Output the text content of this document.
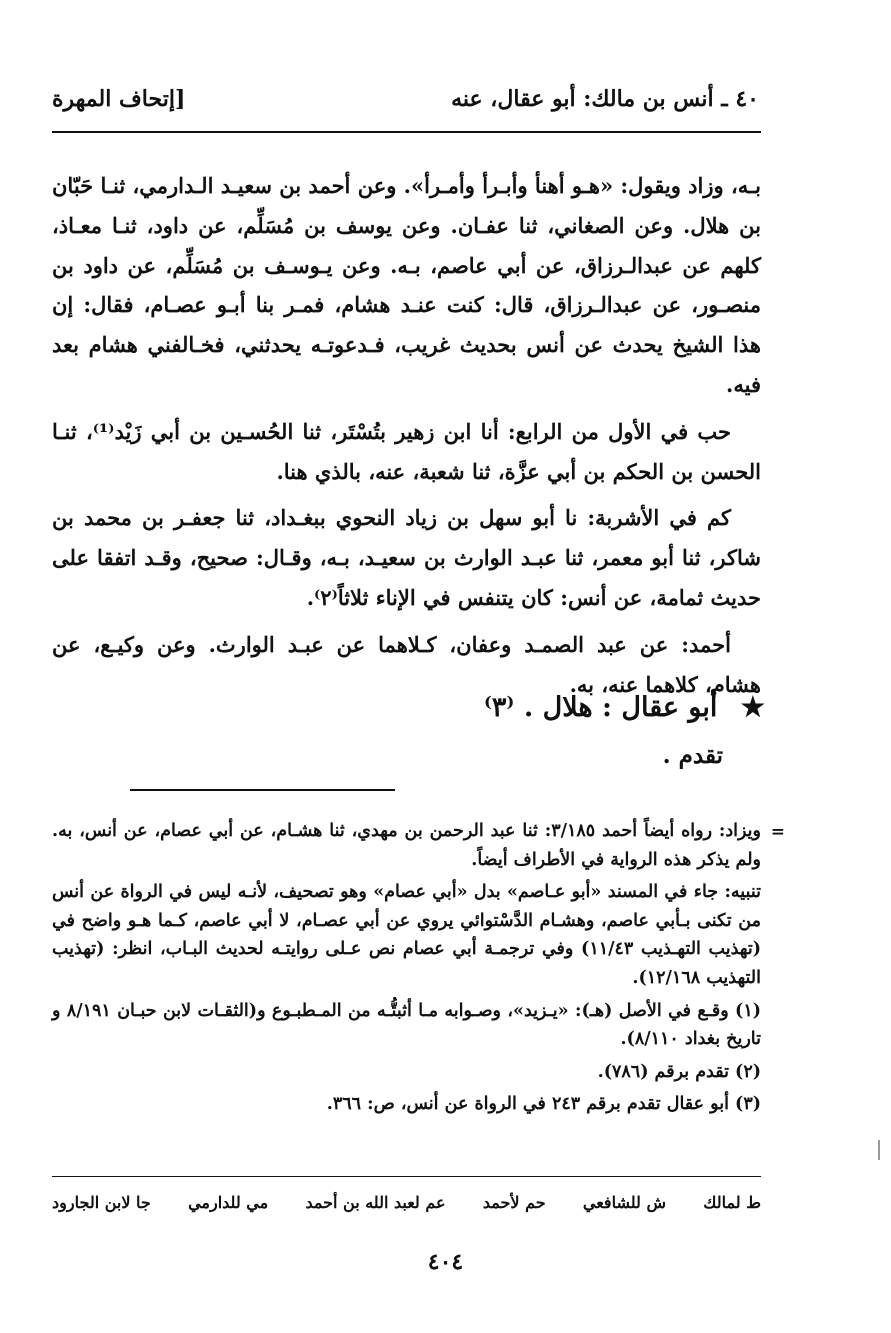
٤٠ ـ أنس بن مالك: أبو عقال، عنه
[إتحاف المهرة

بـه، وزاد ويقول: «هـو أهنأ وأبـرأ وأمـرأ». وعن أحمد بن سعيـد الـدارمي، ثنـا حَبّان بن هلال. وعن الصغاني، ثنا عفـان. وعن يوسف بن مُسَلِّم، عن داود، ثنـا معـاذ، كلهم عن عبدالـرزاق، عن أبي عاصم، بـه. وعن يـوسـف بن مُسَلِّم، عن داود بن منصـور، عن عبدالـرزاق، قال: كنت عنـد هشام، فمـر بنا أبـو عصـام، فقال: إن هذا الشيخ يحدث عن أنس بحديث غريب، فـدعوتـه يحدثني، فخـالفني هشام بعد فيه.

حب في الأول من الرابع: أنا ابن زهير بتُسْتَر، ثنا الحُسـين بن أبي زَيْد⁽¹⁾، ثنـا الحسن بن الحكم بن أبي عزَّة، ثنا شعبة، عنه، بالذي هنا.

كم في الأشربة: نا أبو سهل بن زياد النحوي ببغـداد، ثنا جعفـر بن محمد بن شاكر، ثنا أبو معمر، ثنا عبـد الوارث بن سعيـد، بـه، وقـال: صحيح، وقـد اتفقا على حديث ثمامة، عن أنس: كان يتنفس في الإناء ثلاثاً⁽٢⁾.

أحمد: عن عبد الصمـد وعفان، كـلاهما عن عبـد الوارث. وعن وكيـع، عن هشام، كلاهما عنه، به.

★ أبو عقال : هلال . ⁽٣⁾
تقدم .
=

ويزاد: رواه أيضاً أحمد ٣/١٨٥: ثنا عبد الرحمن بن مهدي، ثنا هشـام، عن أبي عصام، عن أنس، به. ولم يذكر هذه الرواية في الأطراف أيضاً.

تنبيه: جاء في المسند «أبو عـاصم» بدل «أبي عصام» وهو تصحيف، لأنـه ليس في الرواة عن أنس من تكنى بـأبي عاصم، وهشـام الدَّسْتوائي يروي عن أبي عصـام، لا أبي عاصم، كـما هـو واضح في (تهذيب التهـذيب ١١/٤٣) وفي ترجمـة أبي عصام نص عـلى روايتـه لحديث البـاب، انظر: (تهذيب التهذيب ١٢/١٦٨).

(١) وقـع في الأصل (هـ): «يـزيد»، وصـوابه مـا أثبتُّـه من المـطبـوع و(الثقـات لابن حبـان ٨/١٩١ و تاريخ بغداد ٨/١١٠).

(٢) تقدم برقم (٧٨٦).

(٣) أبو عقال تقدم برقم ٢٤٣ في الرواة عن أنس، ص: ٣٦٦.

ط لمالك
ش للشافعي
حم لأحمد
عم لعبد الله بن أحمد
مي للدارمي
جا لابن الجارود
٤٠٤
